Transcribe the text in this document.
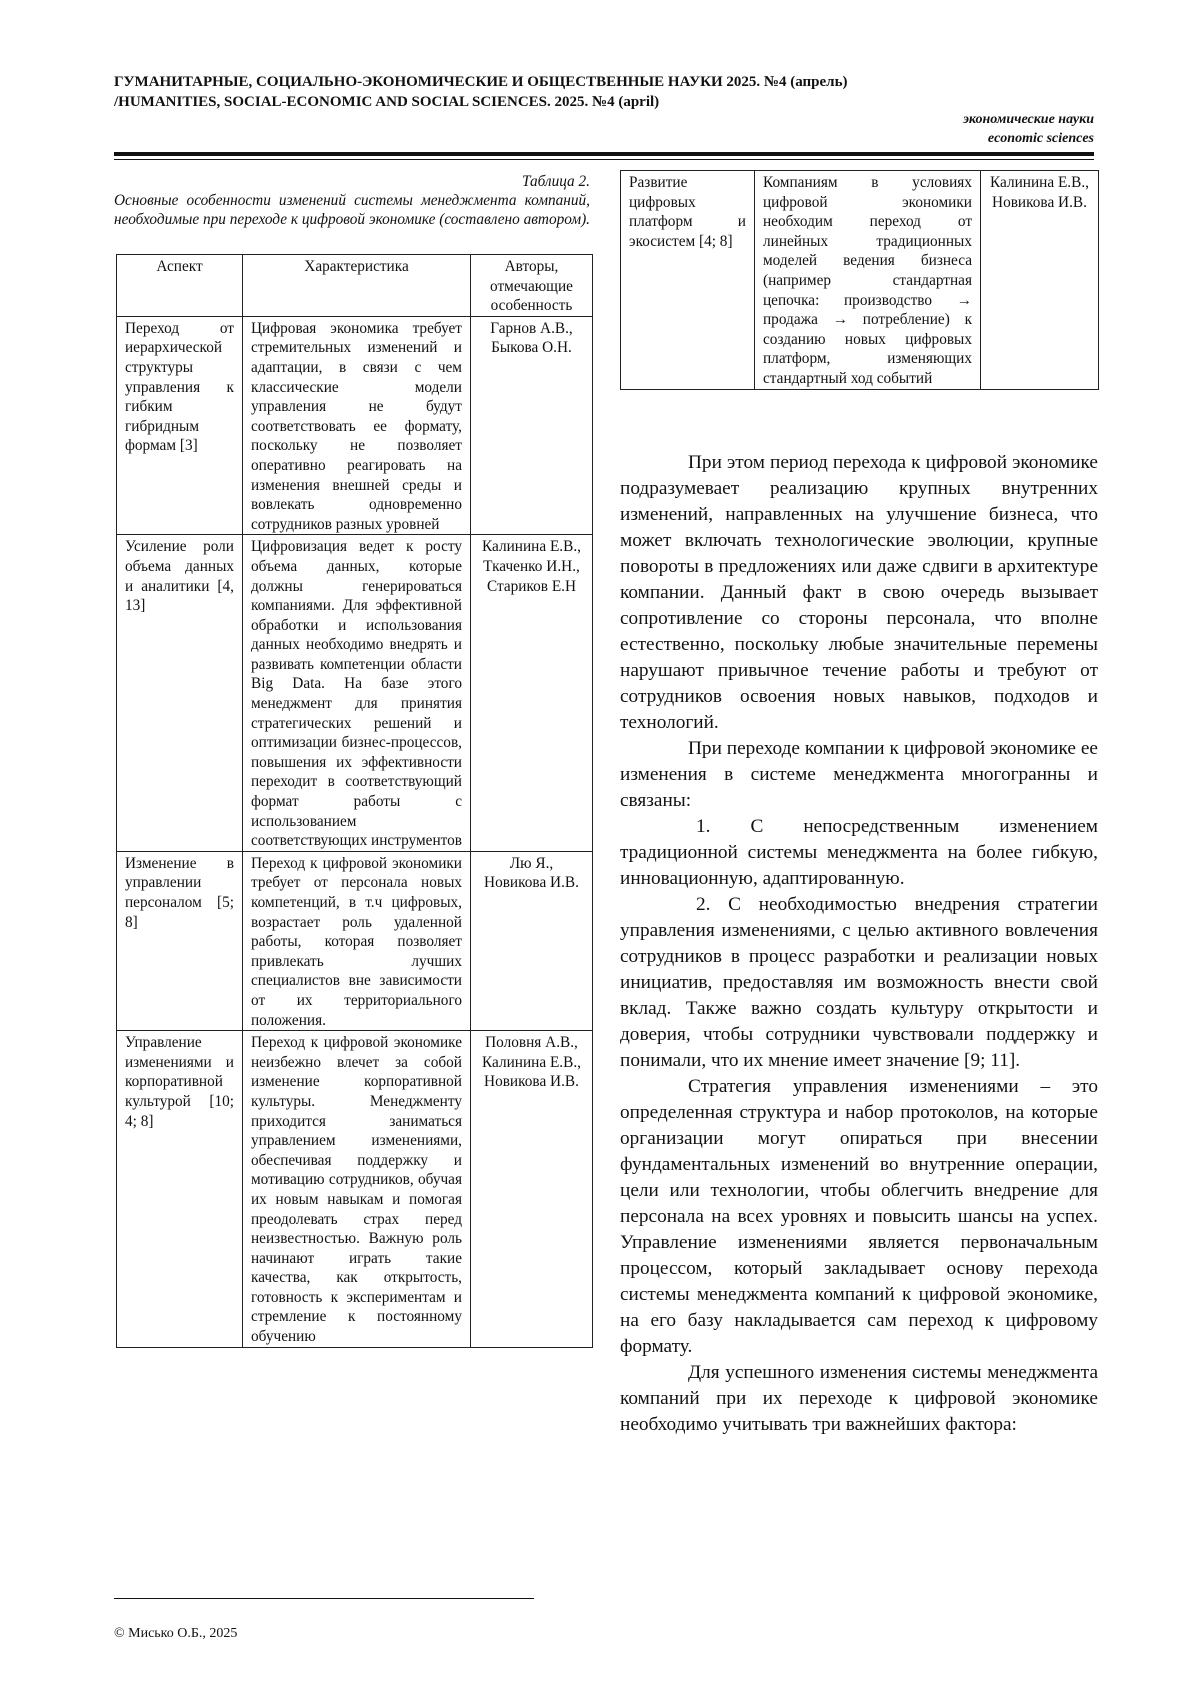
ГУМАНИТАРНЫЕ, СОЦИАЛЬНО-ЭКОНОМИЧЕСКИЕ И ОБЩЕСТВЕННЫЕ НАУКИ 2025. №4 (апрель)
/HUMANITIES, SOCIAL-ECONOMIC AND SOCIAL SCIENCES. 2025. №4 (april)
экономические науки
economic sciences
Таблица 2.
Основные особенности изменений системы менеджмента компаний, необходимые при переходе к цифровой экономике (составлено автором).
Аспект	Характеристика	Авторы, отмечающие особенность
Переход от иерархической структуры управления к гибким гибридным формам [3]	Цифровая экономика требует стремительных изменений и адаптации, в связи с чем классические модели управления не будут соответствовать ее формату, поскольку не позволяет оперативно реагировать на изменения внешней среды и вовлекать одновременно сотрудников разных уровней	Гарнов А.В., Быкова О.Н.
Усиление роли объема данных и аналитики [4, 13]	Цифровизация ведет к росту объема данных, которые должны генерироваться компаниями. Для эффективной обработки и использования данных необходимо внедрять и развивать компетенции области Big Data. На базе этого менеджмент для принятия стратегических решений и оптимизации бизнес-процессов, повышения их эффективности переходит в соответствующий формат работы с использованием соответствующих инструментов	Калинина Е.В., Ткаченко И.Н., Стариков Е.Н
Изменение в управлении персоналом [5; 8]	Переход к цифровой экономики требует от персонала новых компетенций, в т.ч цифровых, возрастает роль удаленной работы, которая позволяет привлекать лучших специалистов вне зависимости от их территориального положения.	Лю Я., Новикова И.В.
Управление изменениями и корпоративной культурой [10; 4; 8]	Переход к цифровой экономике неизбежно влечет за собой изменение корпоративной культуры. Менеджменту приходится заниматься управлением изменениями, обеспечивая поддержку и мотивацию сотрудников, обучая их новым навыкам и помогая преодолевать страх перед неизвестностью. Важную роль начинают играть такие качества, как открытость, готовность к экспериментам и стремление к постоянному обучению	Половня А.В., Калинина Е.В., Новикова И.В.
Развитие цифровых платформ и экосистем [4; 8]	Компаниям в условиях цифровой экономики необходим переход от линейных традиционных моделей ведения бизнеса (например стандартная цепочка: производство → продажа → потребление) к созданию новых цифровых платформ, изменяющих стандартный ход событий	Калинина Е.В., Новикова И.В.

При этом период перехода к цифровой экономике подразумевает реализацию крупных внутренних изменений, направленных на улучшение бизнеса, что может включать технологические эволюции, крупные повороты в предложениях или даже сдвиги в архитектуре компании. Данный факт в свою очередь вызывает сопротивление со стороны персонала, что вполне естественно, поскольку любые значительные перемены нарушают привычное течение работы и требуют от сотрудников освоения новых навыков, подходов и технологий.

При переходе компании к цифровой экономике ее изменения в системе менеджмента многогранны и связаны:

1. С непосредственным изменением традиционной системы менеджмента на более гибкую, инновационную, адаптированную.

2. С необходимостью внедрения стратегии управления изменениями, с целью активного вовлечения сотрудников в процесс разработки и реализации новых инициатив, предоставляя им возможность внести свой вклад. Также важно создать культуру открытости и доверия, чтобы сотрудники чувствовали поддержку и понимали, что их мнение имеет значение [9; 11].

Стратегия управления изменениями – это определенная структура и набор протоколов, на которые организации могут опираться при внесении фундаментальных изменений во внутренние операции, цели или технологии, чтобы облегчить внедрение для персонала на всех уровнях и повысить шансы на успех. Управление изменениями является первоначальным процессом, который закладывает основу перехода системы менеджмента компаний к цифровой экономике, на его базу накладывается сам переход к цифровому формату.

Для успешного изменения системы менеджмента компаний при их переходе к цифровой экономике необходимо учитывать три важнейших фактора:

© Мисько О.Б., 2025
